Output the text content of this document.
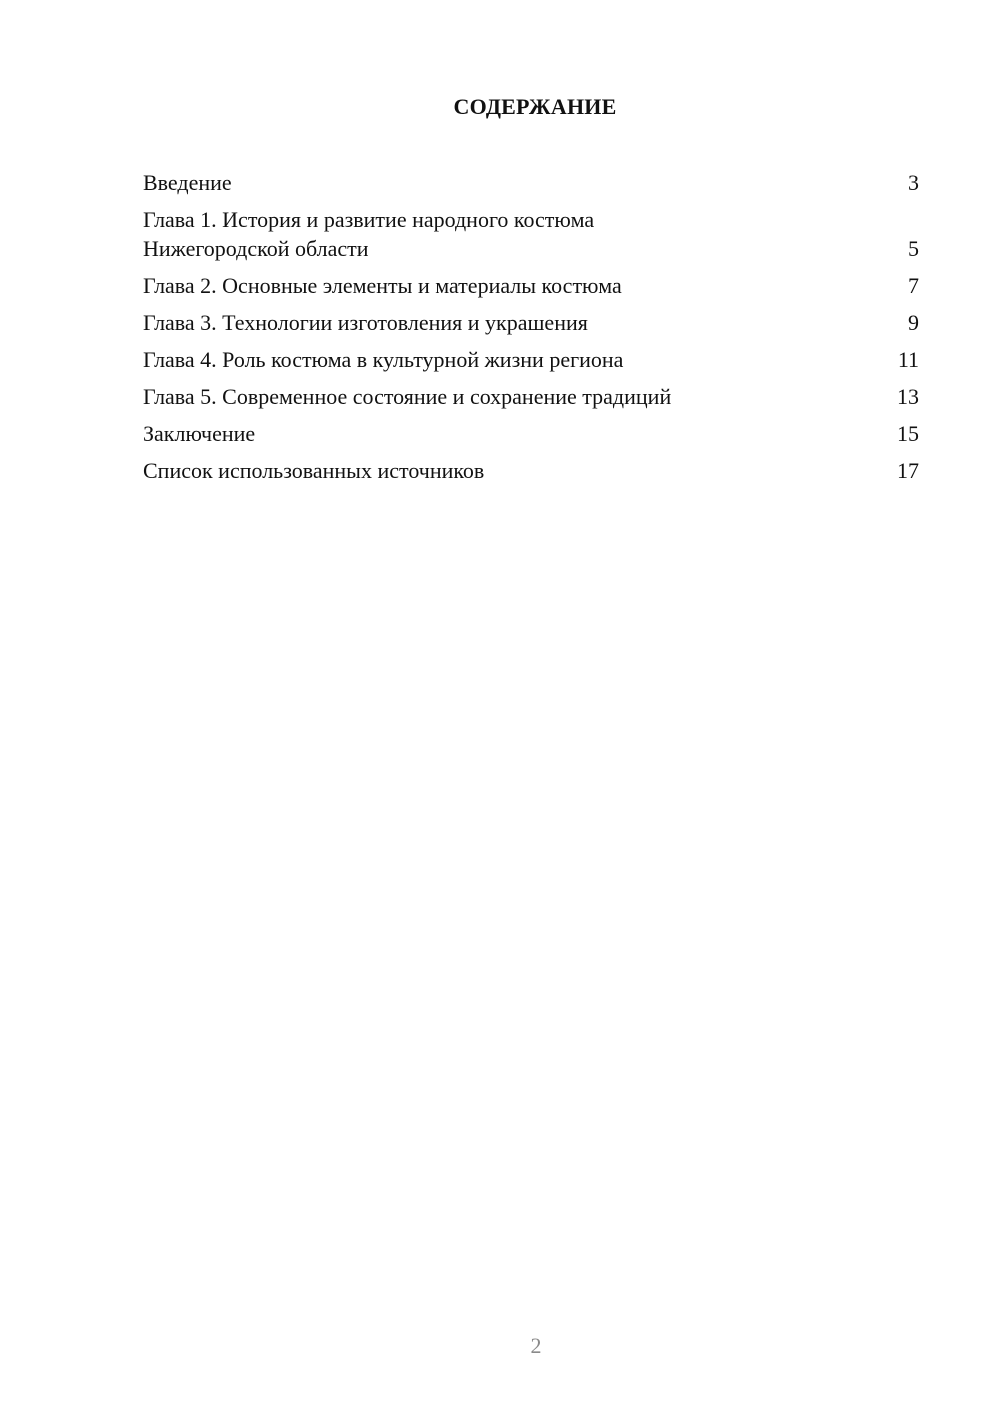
СОДЕРЖАНИЕ
Введение	3
Глава 1. История и развитие народного костюма
Нижегородской области	5
Глава 2. Основные элементы и материалы костюма	7
Глава 3. Технологии изготовления и украшения	9
Глава 4. Роль костюма в культурной жизни региона	11
Глава 5. Современное состояние и сохранение традиций	13
Заключение	15
Список использованных источников	17
2
